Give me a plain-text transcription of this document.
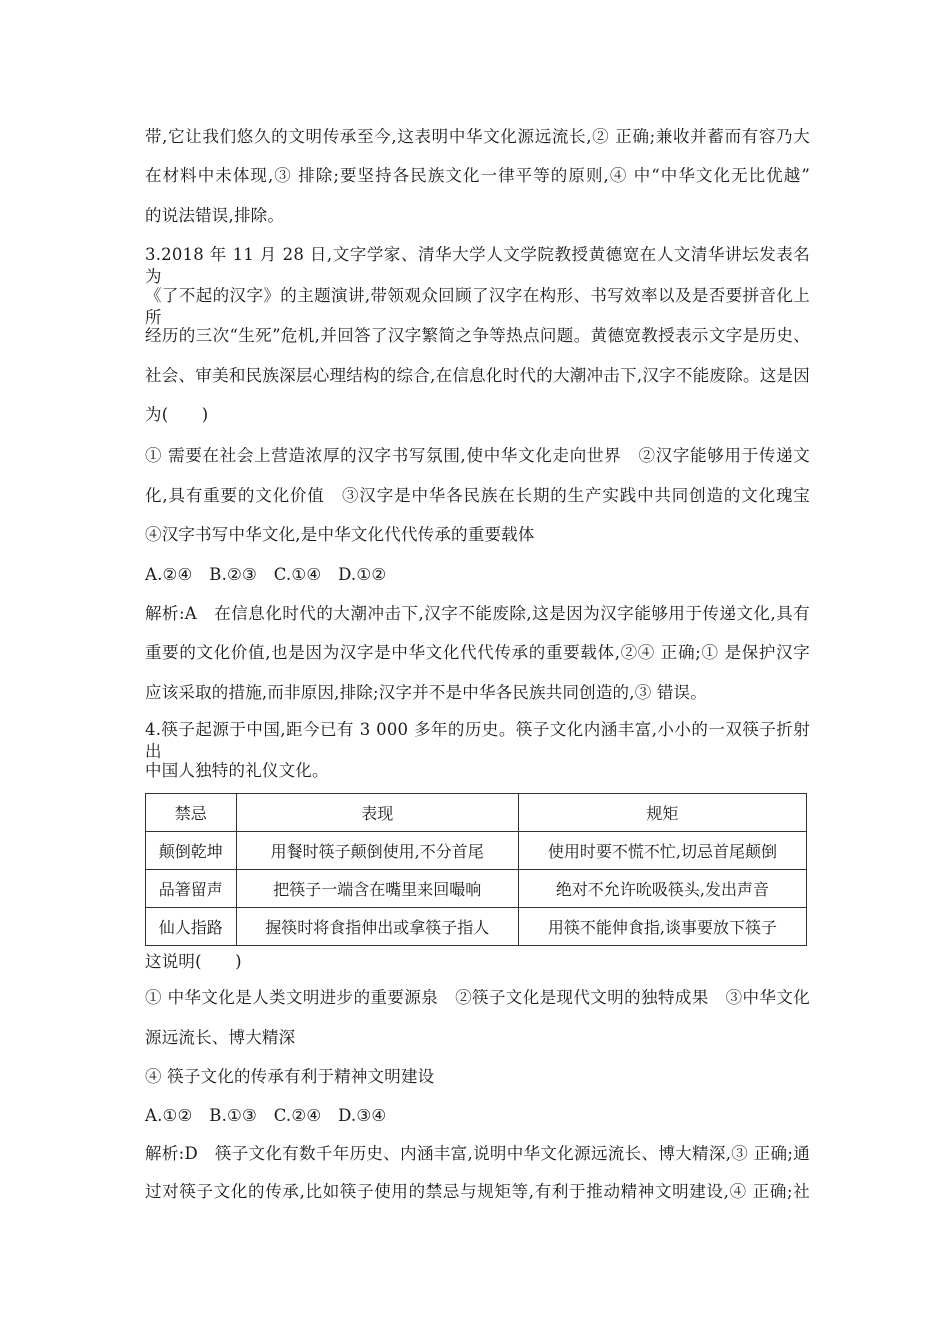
带,它让我们悠久的文明传承至今,这表明中华文化源远流长,② 正确;兼收并蓄而有容乃大
在材料中未体现,③ 排除;要坚持各民族文化一律平等的原则,④ 中“中华文化无比优越”
的说法错误,排除。
3.2018 年 11 月 28 日,文字学家、清华大学人文学院教授黄德宽在人文清华讲坛发表名为
《了不起的汉字》的主题演讲,带领观众回顾了汉字在构形、书写效率以及是否要拼音化上所
经历的三次“生死”危机,并回答了汉字繁简之争等热点问题。黄德宽教授表示文字是历史、
社会、审美和民族深层心理结构的综合,在信息化时代的大潮冲击下,汉字不能废除。这是因
为(　　)
① 需要在社会上营造浓厚的汉字书写氛围,使中华文化走向世界　②汉字能够用于传递文
化,具有重要的文化价值　③汉字是中华各民族在长期的生产实践中共同创造的文化瑰宝
④汉字书写中华文化,是中华文化代代传承的重要载体
A.②④　B.②③　C.①④　D.①②
解析:A　在信息化时代的大潮冲击下,汉字不能废除,这是因为汉字能够用于传递文化,具有
重要的文化价值,也是因为汉字是中华文化代代传承的重要载体,②④ 正确;① 是保护汉字
应该采取的措施,而非原因,排除;汉字并不是中华各民族共同创造的,③ 错误。
4.筷子起源于中国,距今已有 3 000 多年的历史。筷子文化内涵丰富,小小的一双筷子折射出
中国人独特的礼仪文化。
这说明(　　)
① 中华文化是人类文明进步的重要源泉　②筷子文化是现代文明的独特成果　③中华文化
源远流长、博大精深
④ 筷子文化的传承有利于精神文明建设
A.①②　B.①③　C.②④　D.③④
解析:D　筷子文化有数千年历史、内涵丰富,说明中华文化源远流长、博大精深,③ 正确;通
过对筷子文化的传承,比如筷子使用的禁忌与规矩等,有利于推动精神文明建设,④ 正确;社
禁忌	表现	规矩
颠倒乾坤	用餐时筷子颠倒使用,不分首尾	使用时要不慌不忙,切忌首尾颠倒
品箸留声	把筷子一端含在嘴里来回嘬响	绝对不允许吮吸筷头,发出声音
仙人指路	握筷时将食指伸出或拿筷子指人	用筷不能伸食指,谈事要放下筷子
